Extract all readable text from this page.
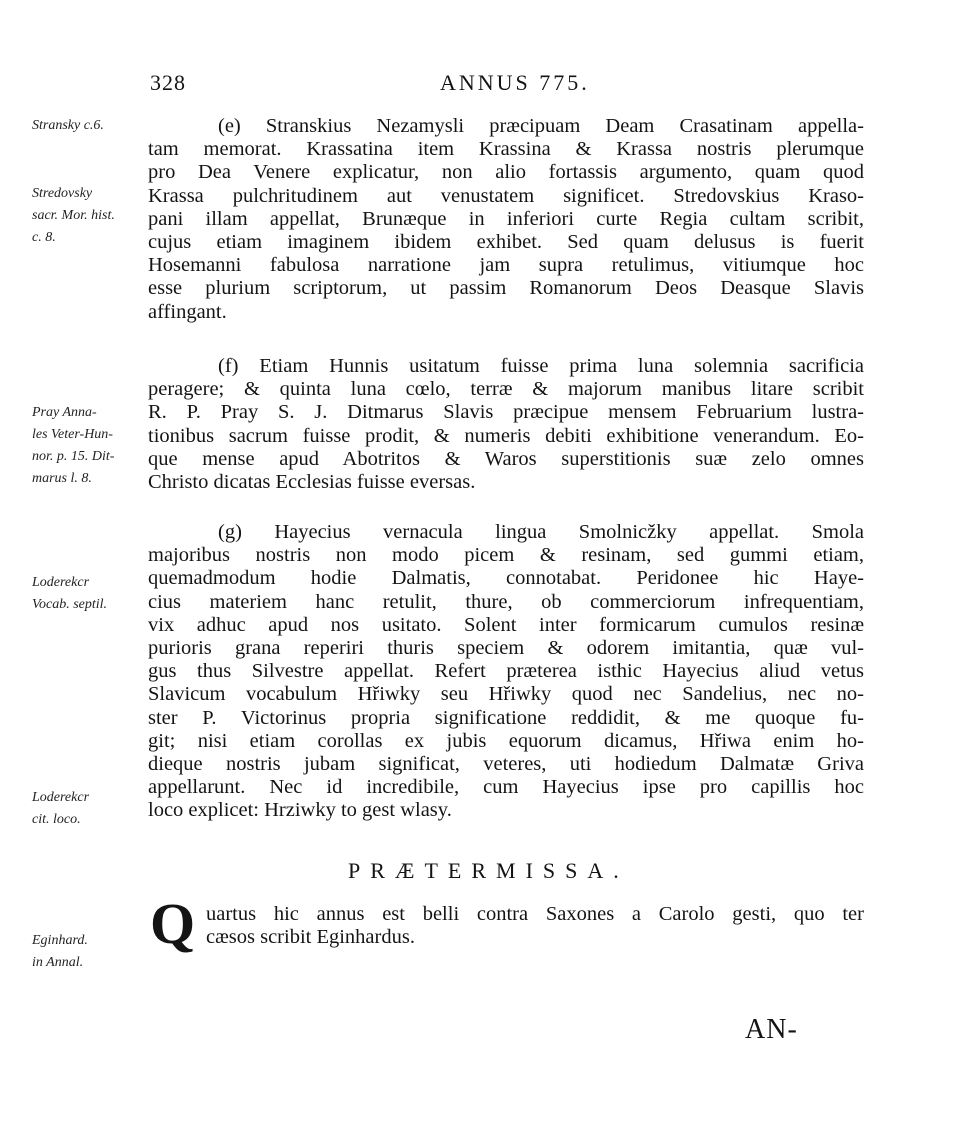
328	ANNUS 775.
Stransky c.6.
Stredovsky
sacr. Mor. hist.
c. 8.
Pray Anna-
les Veter-Hun-
nor. p. 15. Dit-
marus l. 8.
Loderekcr
Vocab. septil.
Loderekcr
cit. loco.
Eginhard.
in Annal.
(e) Stranskius Nezamysli præcipuam Deam Crasatinam appella-
tam memorat. Krassatina item Krassina & Krassa nostris plerumque
pro Dea Venere explicatur, non alio fortassis argumento, quam quod
Krassa pulchritudinem aut venustatem significet. Stredovskius Kraso-
pani illam appellat, Brunæque in inferiori curte Regia cultam scribit,
cujus etiam imaginem ibidem exhibet. Sed quam delusus is fuerit
Hosemanni fabulosa narratione jam supra retulimus, vitiumque hoc
esse plurium scriptorum, ut passim Romanorum Deos Deasque Slavis
affingant.
(f) Etiam Hunnis usitatum fuisse prima luna solemnia sacrificia
peragere; & quinta luna cœlo, terræ & majorum manibus litare scribit
R. P. Pray S. J. Ditmarus Slavis præcipue mensem Februarium lustra-
tionibus sacrum fuisse prodit, & numeris debiti exhibitione venerandum. Eo-
que mense apud Abotritos & Waros superstitionis suæ zelo omnes
Christo dicatas Ecclesias fuisse eversas.
(g) Hayecius vernacula lingua Smolnicžky appellat. Smola
majoribus nostris non modo picem & resinam, sed gummi etiam,
quemadmodum hodie Dalmatis, connotabat. Peridonee hic Haye-
cius materiem hanc retulit, thure, ob commerciorum infrequentiam,
vix adhuc apud nos usitato. Solent inter formicarum cumulos resinæ
purioris grana reperiri thuris speciem & odorem imitantia, quæ vul-
gus thus Silvestre appellat. Refert præterea isthic Hayecius aliud vetus
Slavicum vocabulum Hřiwky seu Hřiwky quod nec Sandelius, nec no-
ster P. Victorinus propria significatione reddidit, & me quoque fu-
git; nisi etiam corollas ex jubis equorum dicamus, Hřiwa enim ho-
dieque nostris jubam significat, veteres, uti hodiedum Dalmatæ Griva
appellarunt. Nec id incredibile, cum Hayecius ipse pro capillis hoc
loco explicet: Hrziwky to gest wlasy.
PRÆTERMISSA.
Q uartus hic annus est belli contra Saxones a Carolo gesti, quo ter
cæsos scribit Eginhardus.
AN-
